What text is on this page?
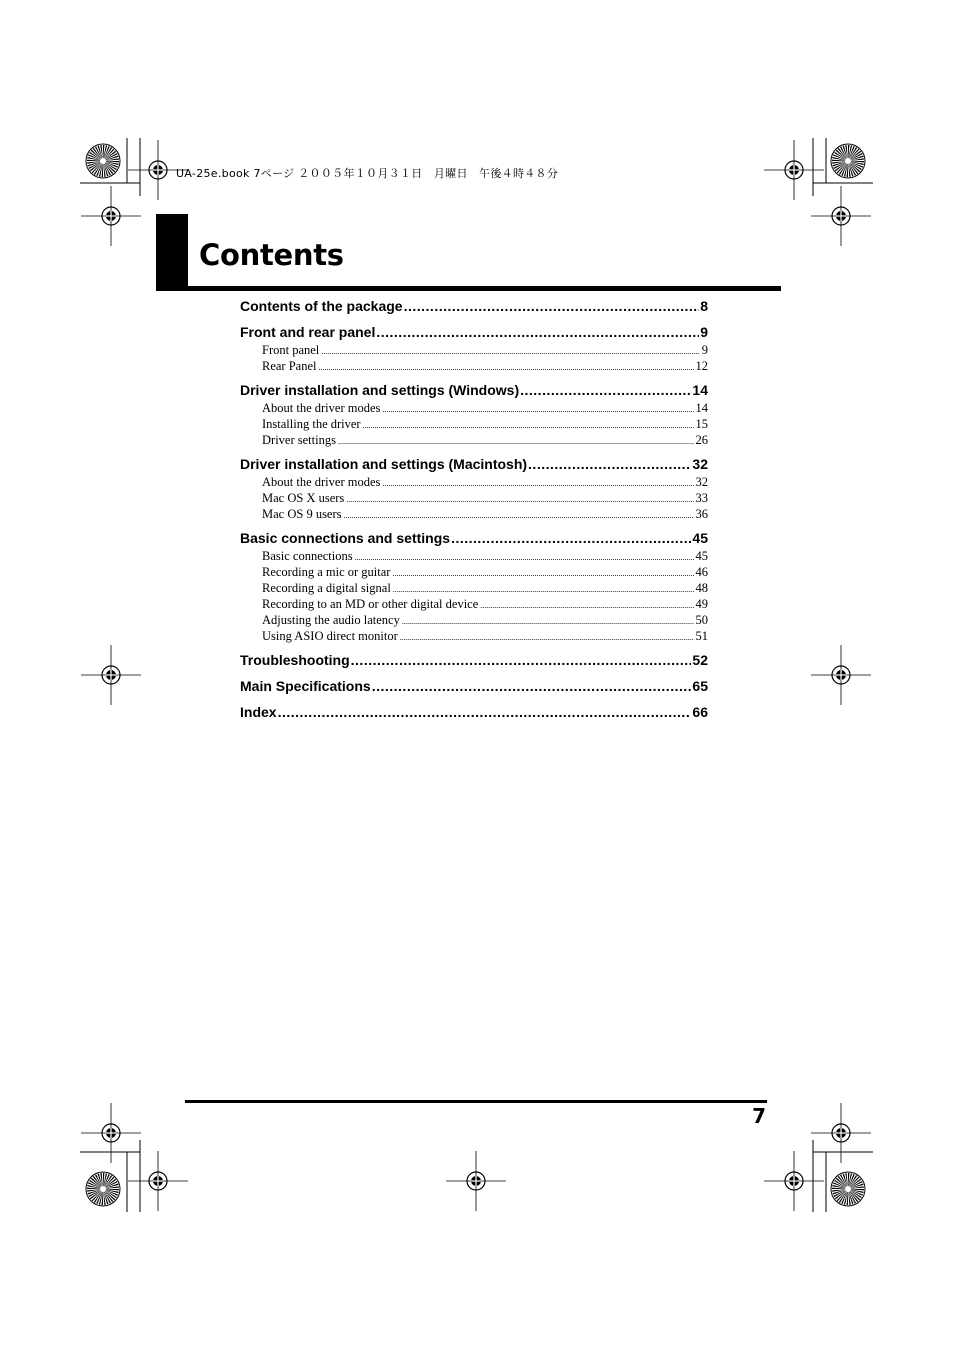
UA-25e.book 7ページ ２００５年１０月３１日　月曜日　午後４時４８分
Contents
Contents of the package .....	8
Front and rear panel .....	9
Front panel .....	9
Rear Panel .....	12
Driver installation and settings (Windows) .....	14
About the driver modes .....	14
Installing the driver .....	15
Driver settings .....	26
Driver installation and settings (Macintosh) .....	32
About the driver modes .....	32
Mac OS X users .....	33
Mac OS 9 users .....	36
Basic connections and settings .....	45
Basic connections .....	45
Recording a mic or guitar .....	46
Recording a digital signal .....	48
Recording to an MD or other digital device .....	49
Adjusting the audio latency .....	50
Using ASIO direct monitor .....	51
Troubleshooting .....	52
Main Specifications .....	65
Index .....	66
7
